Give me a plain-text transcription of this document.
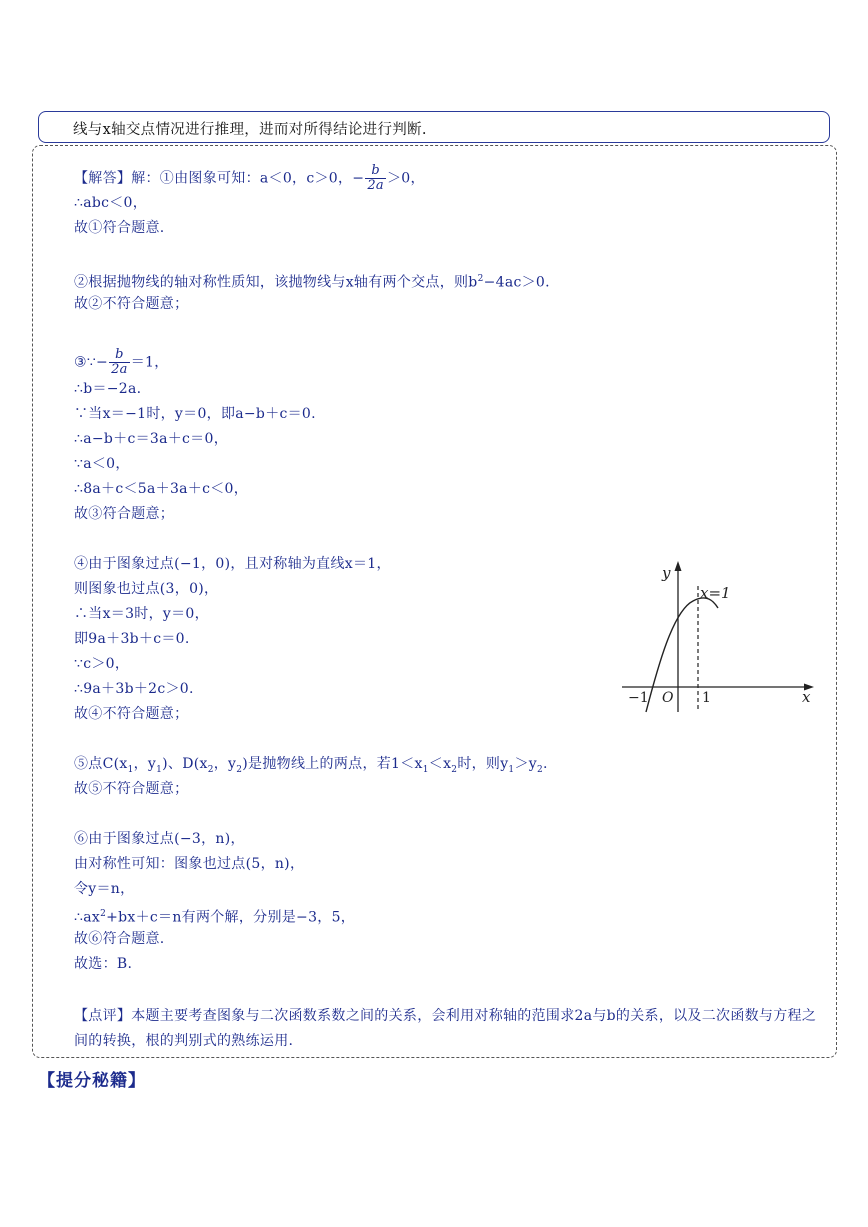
线与x轴交点情况进行推理，进而对所得结论进行判断.
【解答】解：①由图象可知：a＜0，c＞0，− $\frac{b}{2a} >0$，
∴abc＜0，
故①符合题意.
②根据抛物线的轴对称性质知，该抛物线与x轴有两个交点，则$b^2-4ac>0$.
故②不符合题意；
③∵− $\frac{b}{2a} =1$，
∴b＝−2a.
∵当x＝−1时，y＝0，即a−b＋c＝0.
∴a−b＋c＝3a＋c＝0，
∵a＜0，
∴8a＋c＜5a＋3a＋c＜0，
故③符合题意；
④由于图象过点(−1，0)，且对称轴为直线x＝1，
则图象也过点(3，0)，
∴当x＝3时，y＝0，
即9a＋3b＋c＝0.
∵c＞0，
∴9a＋3b＋2c＞0.
故④不符合题意；
y
x
x=1
O
−1	1
⑤点$C(x_1$，$y_1$)、$D(x_2$，$y_2$)是抛物线上的两点，若$1<x_1<x_2$时，则$y_1>y_2$.
故⑤不符合题意；
⑥由于图象过点(−3，n)，
由对称性可知：图象也过点(5，n)，
令y＝n，
$\therefore ax^2+bx+c=n$有两个解，分别是−3，5，
故⑥符合题意.
故选：B.
【点评】本题主要考查图象与二次函数系数之间的关系，会利用对称轴的范围求2a与b的关系，以及二次函数与方程之间的转换，根的判别式的熟练运用.
【提分秘籍】
